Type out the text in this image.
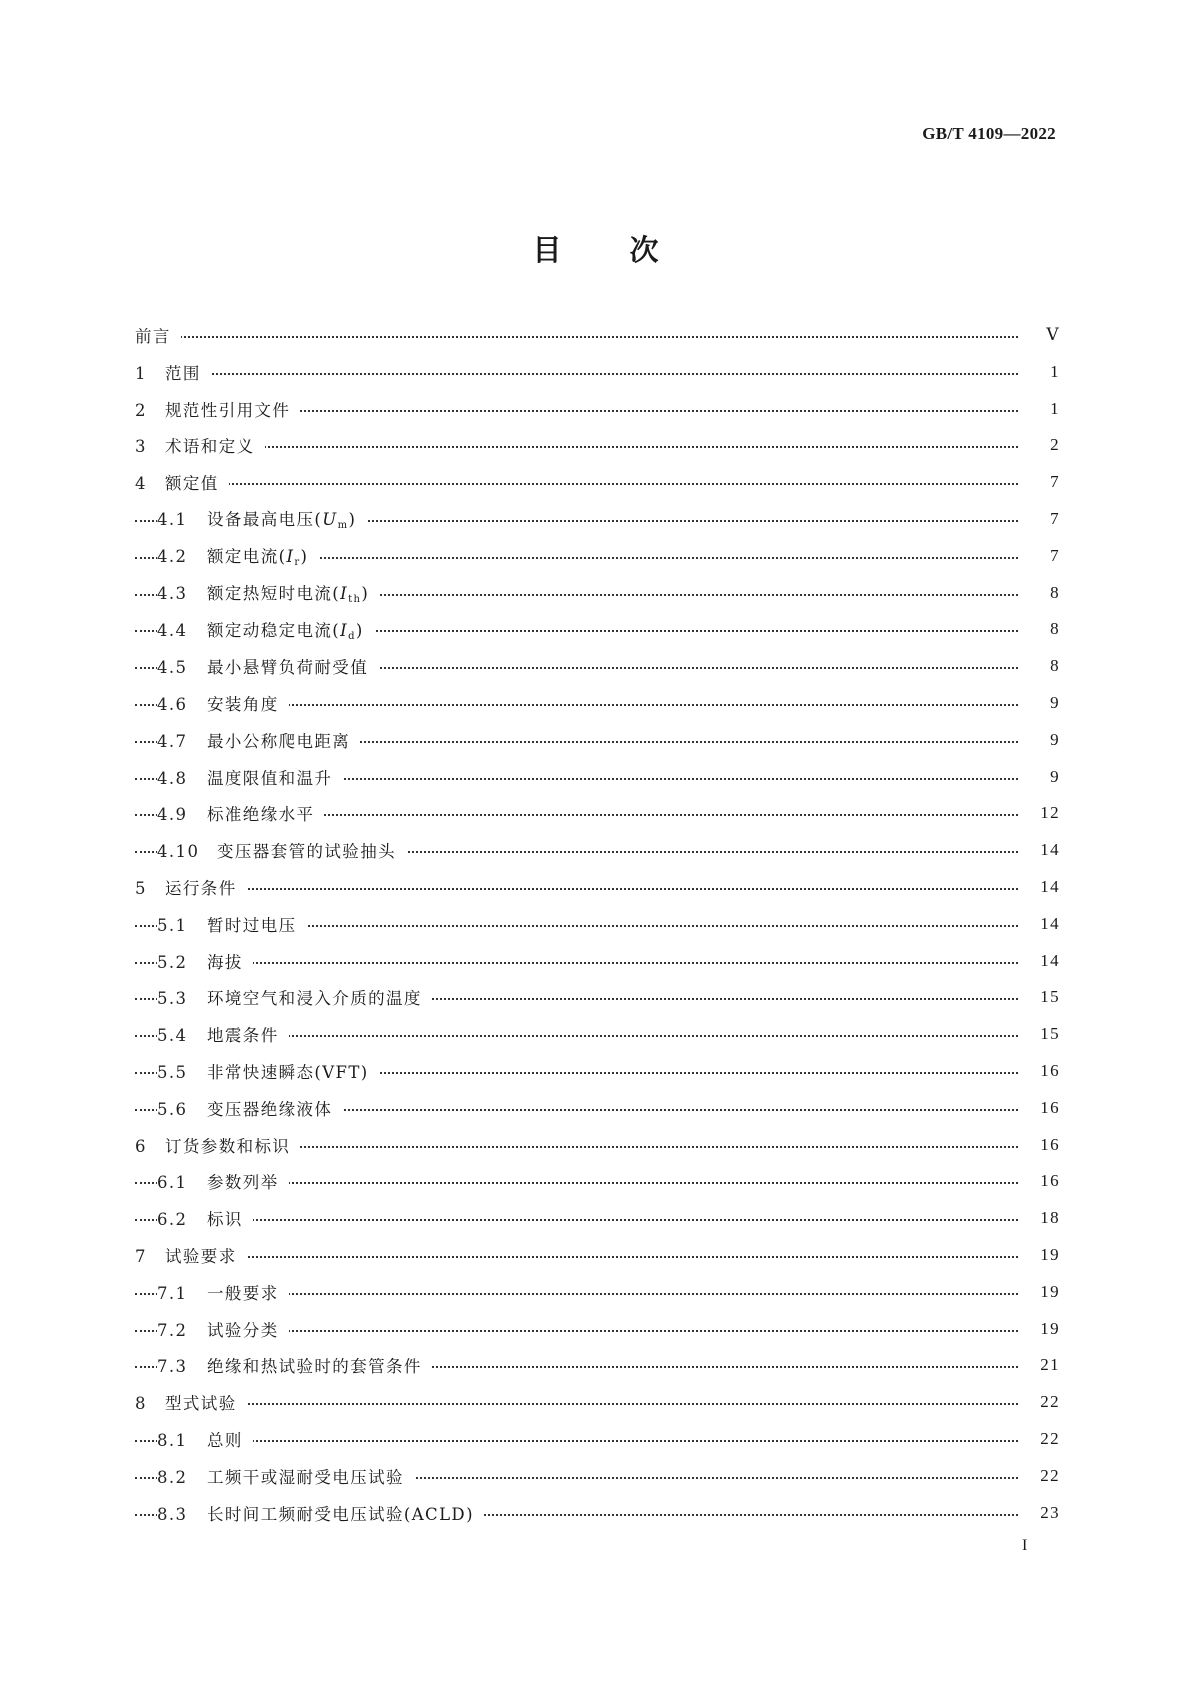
GB/T 4109—2022
目次
前言	Ⅴ
1 范围	1
2 规范性引用文件	1
3 术语和定义	2
4 额定值	7
4.1 设备最高电压$(U_m)$	7
4.2 额定电流$(I_r)$	7
4.3 额定热短时电流$(I_{th})$	8
4.4 额定动稳定电流$(I_d)$	8
4.5 最小悬臂负荷耐受值	8
4.6 安装角度	9
4.7 最小公称爬电距离	9
4.8 温度限值和温升	9
4.9 标准绝缘水平	12
4.10 变压器套管的试验抽头	14
5 运行条件	14
5.1 暂时过电压	14
5.2 海拔	14
5.3 环境空气和浸入介质的温度	15
5.4 地震条件	15
5.5 非常快速瞬态(VFT)	16
5.6 变压器绝缘液体	16
6 订货参数和标识	16
6.1 参数列举	16
6.2 标识	18
7 试验要求	19
7.1 一般要求	19
7.2 试验分类	19
7.3 绝缘和热试验时的套管条件	21
8 型式试验	22
8.1 总则	22
8.2 工频干或湿耐受电压试验	22
8.3 长时间工频耐受电压试验(ACLD)	23
I
